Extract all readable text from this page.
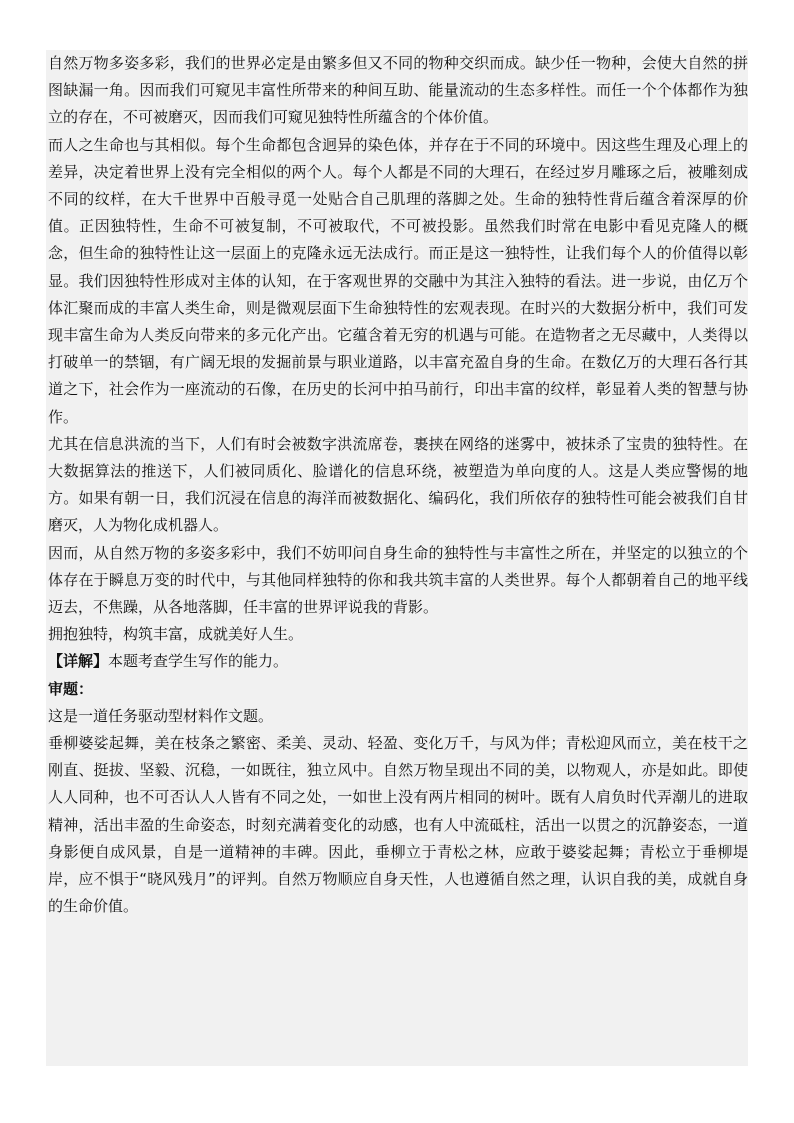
自然万物多姿多彩，我们的世界必定是由繁多但又不同的物种交织而成。缺少任一物种，会使大自然的拼图缺漏一角。因而我们可窥见丰富性所带来的种间互助、能量流动的生态多样性。而任一个个体都作为独立的存在，不可被磨灭，因而我们可窥见独特性所蕴含的个体价值。

而人之生命也与其相似。每个生命都包含迥异的染色体，并存在于不同的环境中。因这些生理及心理上的差异，决定着世界上没有完全相似的两个人。每个人都是不同的大理石，在经过岁月雕琢之后，被雕刻成不同的纹样，在大千世界中百般寻觅一处贴合自己肌理的落脚之处。生命的独特性背后蕴含着深厚的价值。正因独特性，生命不可被复制，不可被取代，不可被投影。虽然我们时常在电影中看见克隆人的概念，但生命的独特性让这一层面上的克隆永远无法成行。而正是这一独特性，让我们每个人的价值得以彰显。我们因独特性形成对主体的认知，在于客观世界的交融中为其注入独特的看法。进一步说，由亿万个体汇聚而成的丰富人类生命，则是微观层面下生命独特性的宏观表现。在时兴的大数据分析中，我们可发现丰富生命为人类反向带来的多元化产出。它蕴含着无穷的机遇与可能。在造物者之无尽藏中，人类得以打破单一的禁锢，有广阔无垠的发掘前景与职业道路，以丰富充盈自身的生命。在数亿万的大理石各行其道之下，社会作为一座流动的石像，在历史的长河中拍马前行，印出丰富的纹样，彰显着人类的智慧与协作。

尤其在信息洪流的当下，人们有时会被数字洪流席卷，裹挟在网络的迷雾中，被抹杀了宝贵的独特性。在大数据算法的推送下，人们被同质化、脸谱化的信息环绕，被塑造为单向度的人。这是人类应警惕的地方。如果有朝一日，我们沉浸在信息的海洋而被数据化、编码化，我们所依存的独特性可能会被我们自甘磨灭，人为物化成机器人。

因而，从自然万物的多姿多彩中，我们不妨叩问自身生命的独特性与丰富性之所在，并坚定的以独立的个体存在于瞬息万变的时代中，与其他同样独特的你和我共筑丰富的人类世界。每个人都朝着自己的地平线迈去，不焦躁，从各地落脚，任丰富的世界评说我的背影。

拥抱独特，构筑丰富，成就美好人生。

【详解】本题考查学生写作的能力。

审题：

这是一道任务驱动型材料作文题。

垂柳婆娑起舞，美在枝条之繁密、柔美、灵动、轻盈、变化万千，与风为伴；青松迎风而立，美在枝干之刚直、挺拔、坚毅、沉稳，一如既往，独立风中。自然万物呈现出不同的美，以物观人，亦是如此。即使人人同种，也不可否认人人皆有不同之处，一如世上没有两片相同的树叶。既有人肩负时代弄潮儿的进取精神，活出丰盈的生命姿态，时刻充满着变化的动感，也有人中流砥柱，活出一以贯之的沉静姿态，一道身影便自成风景，自是一道精神的丰碑。因此，垂柳立于青松之林，应敢于婆娑起舞；青松立于垂柳堤岸，应不惧于“晓风残月”的评判。自然万物顺应自身天性，人也遵循自然之理，认识自我的美，成就自身的生命价值。
